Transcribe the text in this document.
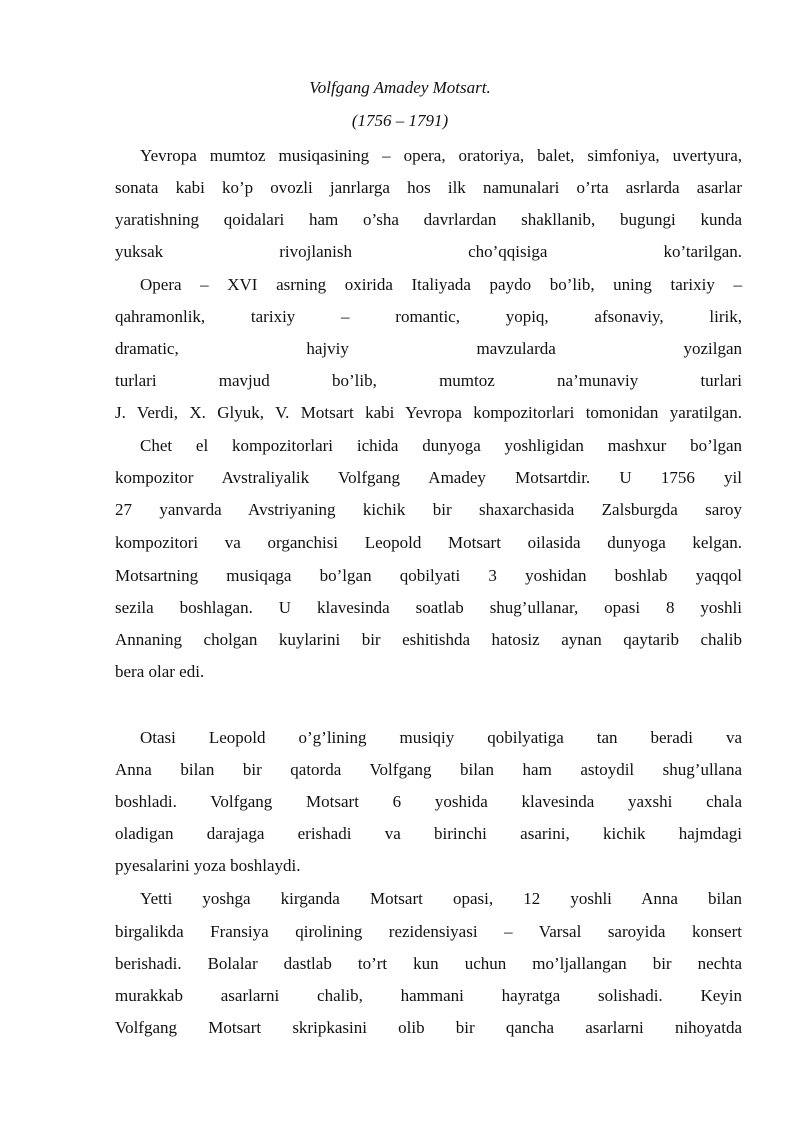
Volfgang Amadey Motsart.
(1756 – 1791)
Yevropa mumtoz musiqasining – opera, oratoriya, balet, simfoniya, uvertyura,
sonata kabi ko’p ovozli janrlarga hos ilk namunalari o’rta asrlarda asarlar
yaratishning qoidalari ham o’sha davrlardan shakllanib, bugungi kunda
yuksak rivojlanish cho’qqisiga ko’tarilgan.
Opera – XVI asrning oxirida Italiyada paydo bo’lib, uning tarixiy –
qahramonlik, tarixiy – romantic, yopiq, afsonaviy, lirik,
dramatic, hajviy mavzularda yozilgan
turlari mavjud bo’lib, mumtoz na’munaviy turlari
J. Verdi, X. Glyuk, V. Motsart kabi Yevropa kompozitorlari tomonidan yaratilgan.
Chet el kompozitorlari ichida dunyoga yoshligidan mashxur bo’lgan
kompozitor Avstraliyalik Volfgang Amadey Motsartdir. U 1756 yil
27 yanvarda Avstriyaning kichik bir shaxarchasida Zalsburgda saroy
kompozitori va organchisi Leopold Motsart oilasida dunyoga kelgan.
Motsartning musiqaga bo’lgan qobilyati 3 yoshidan boshlab yaqqol
sezila boshlagan. U klavesinda soatlab shug’ullanar, opasi 8 yoshli
Annaning cholgan kuylarini bir eshitishda hatosiz aynan qaytarib chalib
bera olar edi.
Otasi Leopold o’g’lining musiqiy qobilyatiga tan beradi va
Anna bilan bir qatorda Volfgang bilan ham astoydil shug’ullana
boshladi. Volfgang Motsart 6 yoshida klavesinda yaxshi chala
oladigan darajaga erishadi va birinchi asarini, kichik hajmdagi
pyesalarini yoza boshlaydi.
Yetti yoshga kirganda Motsart opasi, 12 yoshli Anna bilan
birgalikda Fransiya qirolining rezidensiyasi – Varsal saroyida konsert
berishadi. Bolalar dastlab to’rt kun uchun mo’ljallangan bir nechta
murakkab asarlarni chalib, hammani hayratga solishadi. Keyin
Volfgang Motsart skripkasini olib bir qancha asarlarni nihoyatda
